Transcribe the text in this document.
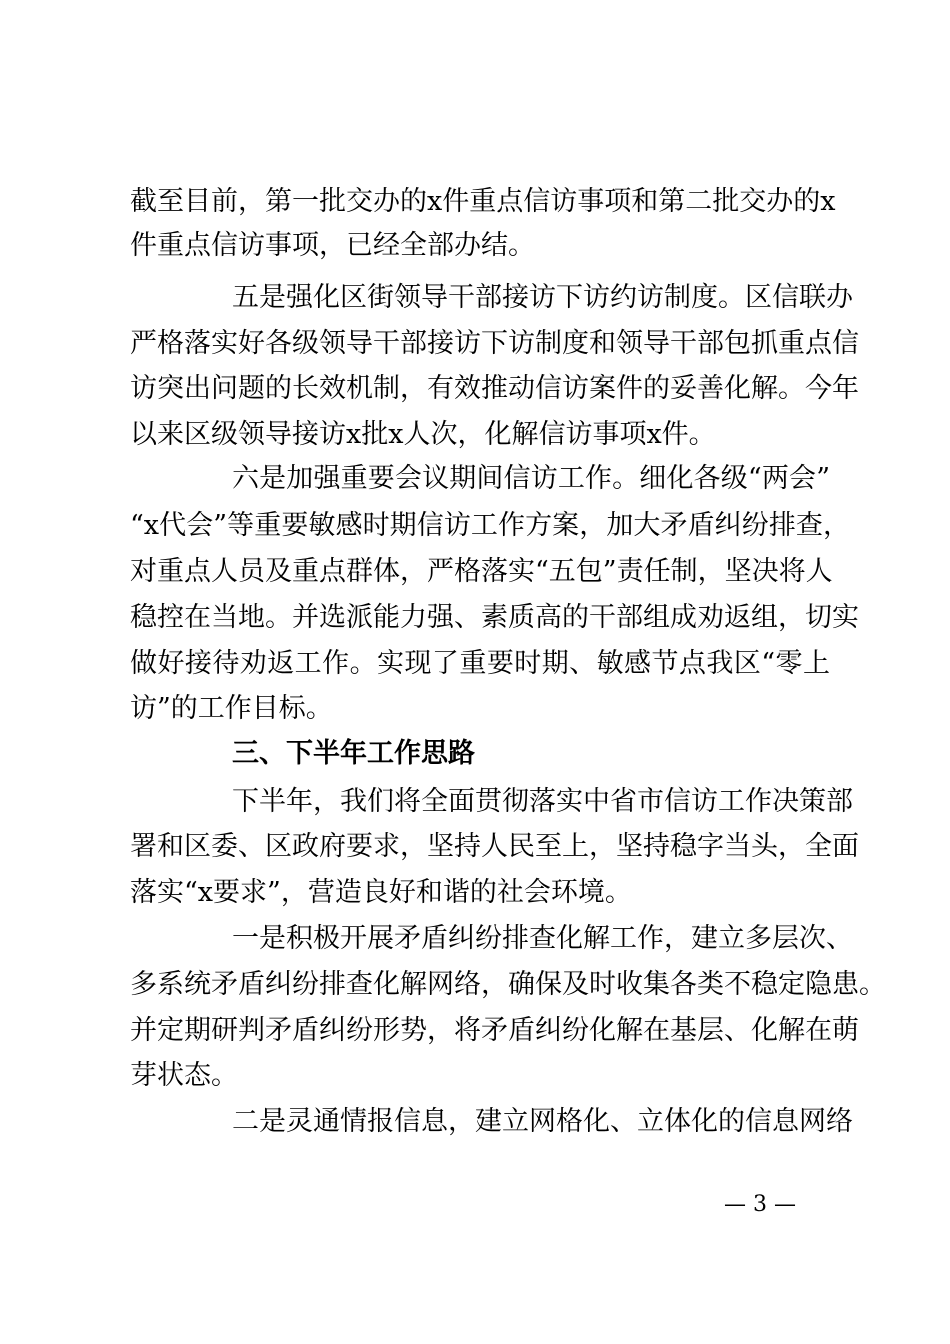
截至目前，第一批交办的x件重点信访事项和第二批交办的x
件重点信访事项，已经全部办结。
五是强化区街领导干部接访下访约访制度。区信联办
严格落实好各级领导干部接访下访制度和领导干部包抓重点信
访突出问题的长效机制，有效推动信访案件的妥善化解。今年
以来区级领导接访x批x人次，化解信访事项x件。
六是加强重要会议期间信访工作。细化各级“两会”
“x代会”等重要敏感时期信访工作方案，加大矛盾纠纷排查，
对重点人员及重点群体，严格落实“五包”责任制，坚决将人
稳控在当地。并选派能力强、素质高的干部组成劝返组，切实
做好接待劝返工作。实现了重要时期、敏感节点我区“零上
访”的工作目标。
三、下半年工作思路
下半年，我们将全面贯彻落实中省市信访工作决策部
署和区委、区政府要求，坚持人民至上，坚持稳字当头，全面
落实“x要求”，营造良好和谐的社会环境。
一是积极开展矛盾纠纷排查化解工作，建立多层次、
多系统矛盾纠纷排查化解网络，确保及时收集各类不稳定隐患。
并定期研判矛盾纠纷形势，将矛盾纠纷化解在基层、化解在萌
芽状态。
二是灵通情报信息，建立网格化、立体化的信息网络
— 3 —
